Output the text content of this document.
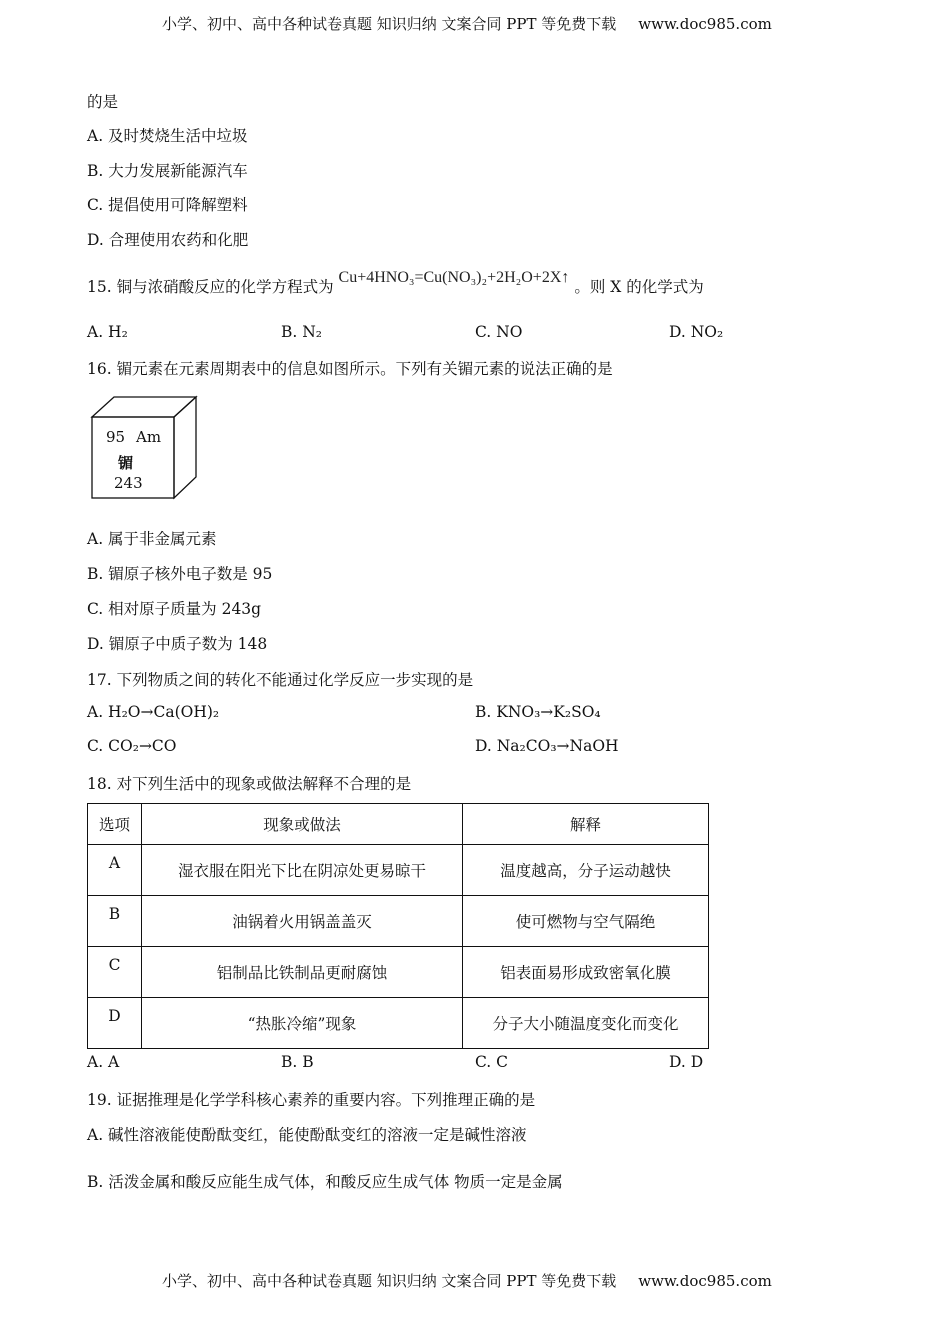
小学、初中、高中各种试卷真题 知识归纳 文案合同 PPT 等免费下载 www.doc985.com
的是
A. 及时焚烧生活中垃圾
B. 大力发展新能源汽车
C. 提倡使用可降解塑料
D. 合理使用农药和化肥
15. 铜与浓硝酸反应的化学方程式为 Cu+4HNO₃=Cu(NO₃)₂+2H₂O+2X↑ 。则 X 的化学式为
A. H₂	B. N₂	C. NO	D. NO₂
16. 镅元素在元素周期表中的信息如图所示。下列有关镅元素的说法正确的是
95 Am
镅
243
A. 属于非金属元素
B. 镅原子核外电子数是 95
C. 相对原子质量为 243g
D. 镅原子中质子数为 148
17. 下列物质之间的转化不能通过化学反应一步实现的是
A. H₂O→Ca(OH)₂	B. KNO₃→K₂SO₄
C. CO₂→CO	D. Na₂CO₃→NaOH
18. 对下列生活中的现象或做法解释不合理的是
选项	现象或做法	解释
A	湿衣服在阳光下比在阴凉处更易晾干	温度越高，分子运动越快
B	油锅着火用锅盖盖灭	使可燃物与空气隔绝
C	铝制品比铁制品更耐腐蚀	铝表面易形成致密氧化膜
D	“热胀冷缩”现象	分子大小随温度变化而变化
A. A	B. B	C. C	D. D
19. 证据推理是化学学科核心素养的重要内容。下列推理正确的是
A. 碱性溶液能使酚酞变红，能使酚酞变红的溶液一定是碱性溶液
B. 活泼金属和酸反应能生成气体，和酸反应生成气体 物质一定是金属
小学、初中、高中各种试卷真题 知识归纳 文案合同 PPT 等免费下载 www.doc985.com
